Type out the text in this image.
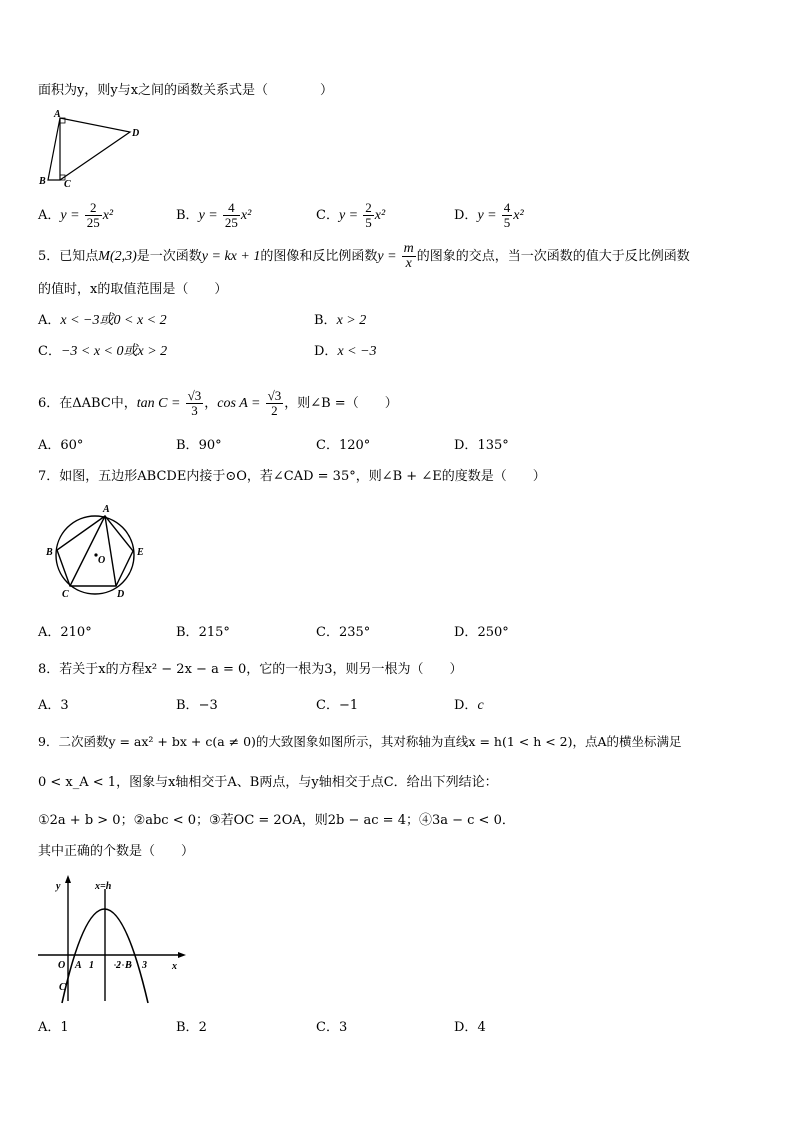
面积为y，则y与x之间的函数关系式是（　　　　）
A
B C
D
A．$y = \frac{2}{25} x^2$	B．$y = \frac{4}{25} x^2$	C．$y = \frac{2}{5} x^2$	D．$y = \frac{4}{5} x^2$
5．已知点M(2,3)是一次函数y = kx + 1的图像和反比例函数$y = \frac{m}{x}$ 的图象的交点，当一次函数的值大于反比例函数
的值时，x的取值范围是（　　）
A．x < −3或0 < x < 2	B．x > 2
C．−3 < x < 0或x > 2	D．x < −3
6．在ΔABC中，$\tan C = \frac{√3}{3}$ ，$\cos A = \frac{√3}{2}$ ，则∠B =（　　）
A．60°	B．90°	C．120°	D．135°
7．如图，五边形ABCDE内接于⊙O，若∠CAD = 35°，则∠B + ∠E的度数是（　　）
A
B
C	D
E
O
A．210°	B．215°	C．235°	D．250°
8．若关于x的方程x² − 2x − a = 0，它的一根为3，则另一根为（　　）
A．3	B．−3	C．−1	D．c
9．二次函数y = ax² + bx + c(a ≠ 0)的大致图象如图所示，其对称轴为直线x = h(1 < h < 2)，点A的横坐标满足
0 < x_A < 1，图象与x轴相交于A、B两点，与y轴相交于点C．给出下列结论：
①2a + b > 0；②abc < 0；③若OC = 2OA，则2b − ac = 4；④3a − c < 0．
其中正确的个数是（　　）
y
x
x=h
O A 1 2 B 3
C
A．1	B．2	C．3	D．4
